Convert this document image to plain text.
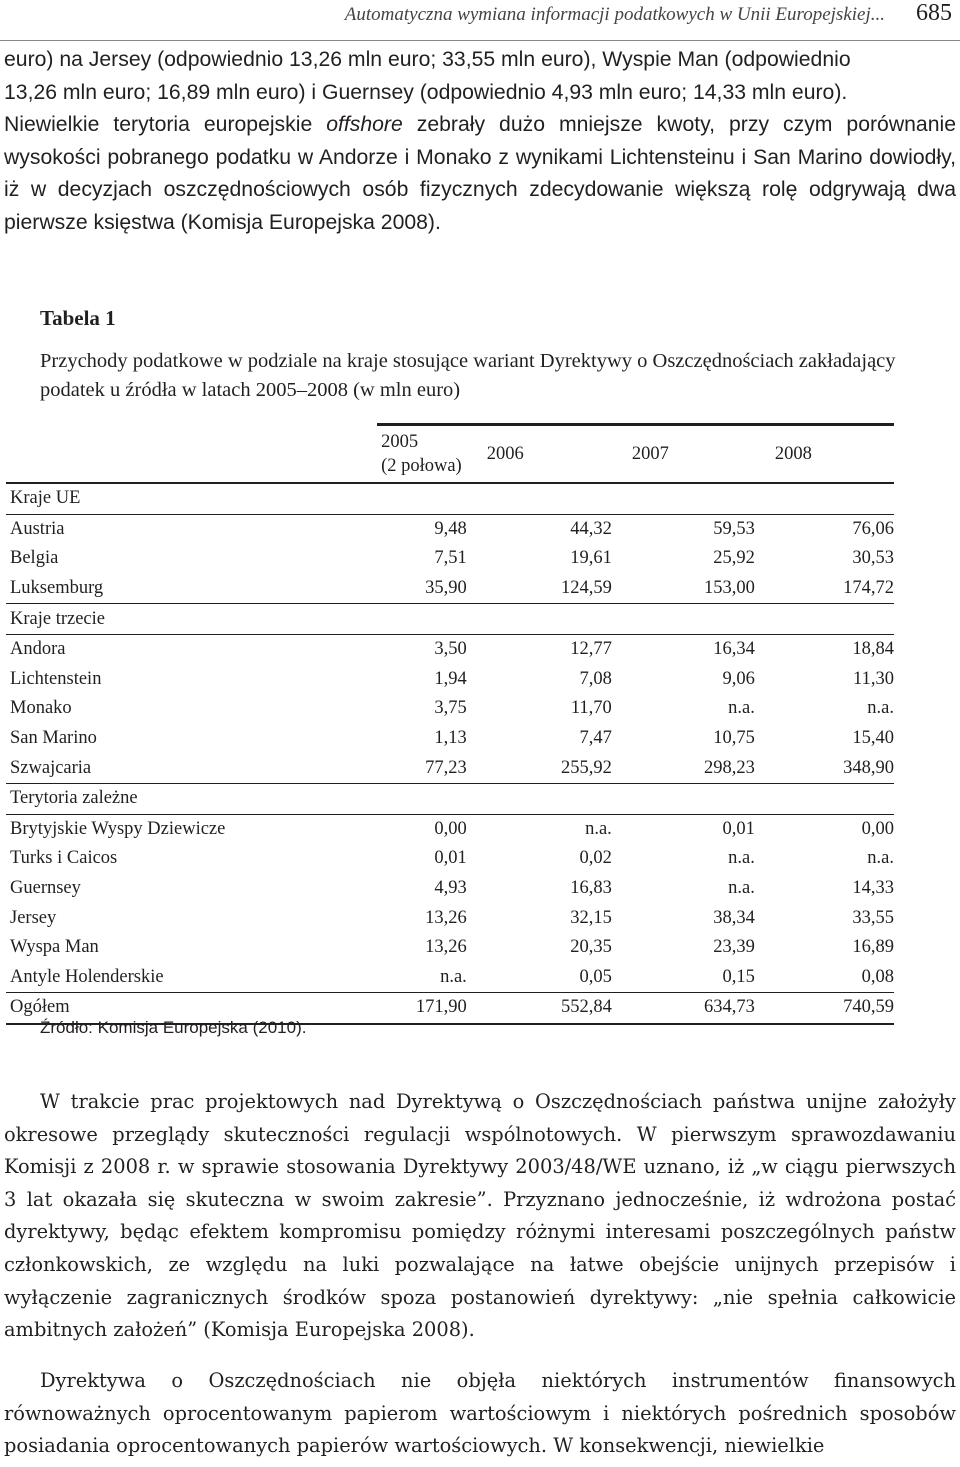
Automatyczna wymiana informacji podatkowych w Unii Europejskiej... 685

euro) na Jersey (odpowiednio 13,26 mln euro; 33,55 mln euro), Wyspie Man (odpowiednio
13,26 mln euro; 16,89 mln euro) i Guernsey (odpowiednio 4,93 mln euro; 14,33 mln euro).
Niewielkie terytoria europejskie offshore zebrały dużo mniejsze kwoty, przy czym porównanie wysokości pobranego podatku w Andorze i Monako z wynikami Lichtensteinu i San Marino dowiodły, iż w decyzjach oszczędnościowych osób fizycznych zdecydowanie większą rolę odgrywają dwa pierwsze księstwa (Komisja Europejska 2008).

Tabela 1

Przychody podatkowe w podziale na kraje stosujące wariant Dyrektywy o Oszczędnościach zakładający podatek u źródła w latach 2005–2008 (w mln euro)

	2005
(2 połowa)	2006	2007	2008
Kraje UE				
Austria	9,48	44,32	59,53	76,06
Belgia	7,51	19,61	25,92	30,53
Luksemburg	35,90	124,59	153,00	174,72
Kraje trzecie				
Andora	3,50	12,77	16,34	18,84
Lichtenstein	1,94	7,08	9,06	11,30
Monako	3,75	11,70	n.a.	n.a.
San Marino	1,13	7,47	10,75	15,40
Szwajcaria	77,23	255,92	298,23	348,90
Terytoria zależne				
Brytyjskie Wyspy Dziewicze	0,00	n.a.	0,01	0,00
Turks i Caicos	0,01	0,02	n.a.	n.a.
Guernsey	4,93	16,83	n.a.	14,33
Jersey	13,26	32,15	38,34	33,55
Wyspa Man	13,26	20,35	23,39	16,89
Antyle Holenderskie	n.a.	0,05	0,15	0,08
Ogółem	171,90	552,84	634,73	740,59
Źródło: Komisja Europejska (2010).

W trakcie prac projektowych nad Dyrektywą o Oszczędnościach państwa unijne założyły okresowe przeglądy skuteczności regulacji wspólnotowych. W pierwszym sprawozdawaniu Komisji z 2008 r. w sprawie stosowania Dyrektywy 2003/48/WE uznano, iż „w ciągu pierwszych 3 lat okazała się skuteczna w swoim zakresie”. Przyznano jednocześnie, iż wdrożona postać dyrektywy, będąc efektem kompromisu pomiędzy różnymi interesami poszczególnych państw członkowskich, ze względu na luki pozwalające na łatwe obejście unijnych przepisów i wyłączenie zagranicznych środków spoza postanowień dyrektywy: „nie spełnia całkowicie ambitnych założeń” (Komisja Europejska 2008).

Dyrektywa o Oszczędnościach nie objęła niektórych instrumentów finansowych równoważnych oprocentowanym papierom wartościowym i niektórych pośrednich sposobów posiadania oprocentowanych papierów wartościowych. W konsekwencji, niewielkie
